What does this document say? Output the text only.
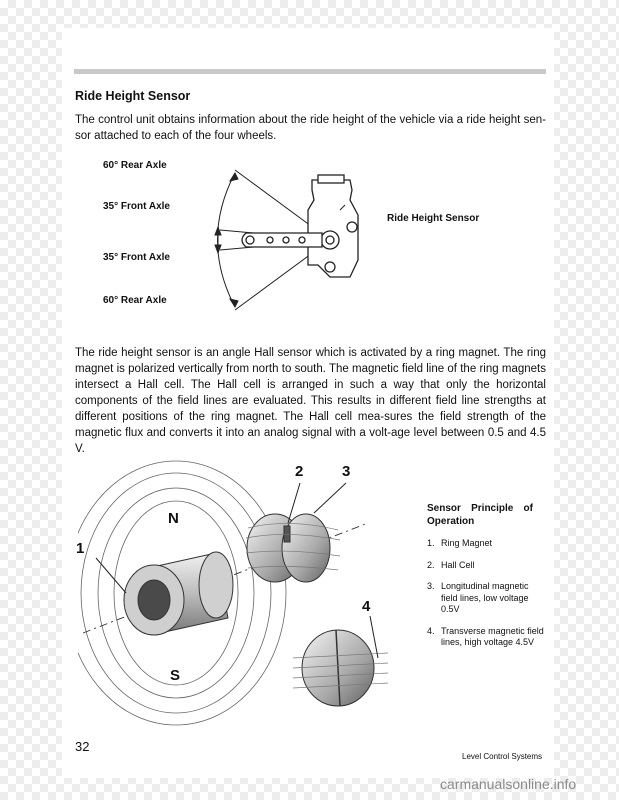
Ride Height Sensor

The control unit obtains information about the ride height of the vehicle via a ride height sen-sor attached to each of the four wheels.

60° Rear Axle
35° Front Axle
35° Front Axle
60° Rear Axle
Ride Height Sensor

The ride height sensor is an angle Hall sensor which is activated by a ring magnet. The ring magnet is polarized vertically from north to south. The magnetic field line of the ring magnets intersect a Hall cell. The Hall cell is arranged in such a way that only the horizontal components of the field lines are evaluated. This results in different field line strengths at different positions of the ring magnet. The Hall cell mea-sures the field strength of the magnetic flux and converts it into an analog signal with a volt-age level between 0.5 and 4.5 V.

1
2	3
4
N
S
Sensor Principle of Operation
1. Ring Magnet
2. Hall Cell
3. Longitudinal magnetic field lines, low voltage 0.5V
4. Transverse magnetic field lines, high voltage 4.5V
32
Level Control Systems
carmanualsonline.info
